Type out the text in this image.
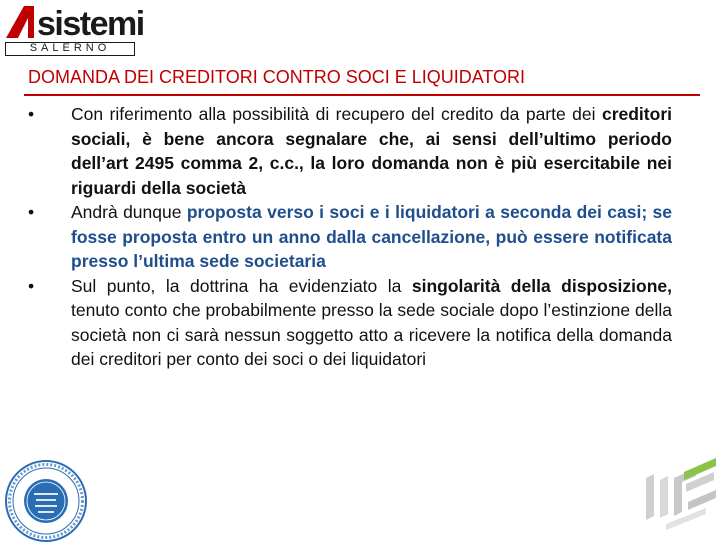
sistemi
SALERNO
DOMANDA DEI CREDITORI CONTRO SOCI E LIQUIDATORI
•	Con riferimento alla possibilità di recupero del credito da parte dei creditori sociali, è bene ancora segnalare che, ai sensi dell’ultimo periodo dell’art 2495 comma 2, c.c., la loro domanda non è più esercitabile nei riguardi della società
•	Andrà dunque proposta verso i soci e i liquidatori a seconda dei casi; se fosse proposta entro un anno dalla cancellazione, può essere notificata presso l’ultima sede societaria
•	Sul punto, la dottrina ha evidenziato la singolarità della disposizione, tenuto conto che probabilmente presso la sede sociale dopo l’estinzione della società non ci sarà nessun soggetto atto a ricevere la notifica della domanda dei creditori per conto dei soci o dei liquidatori
